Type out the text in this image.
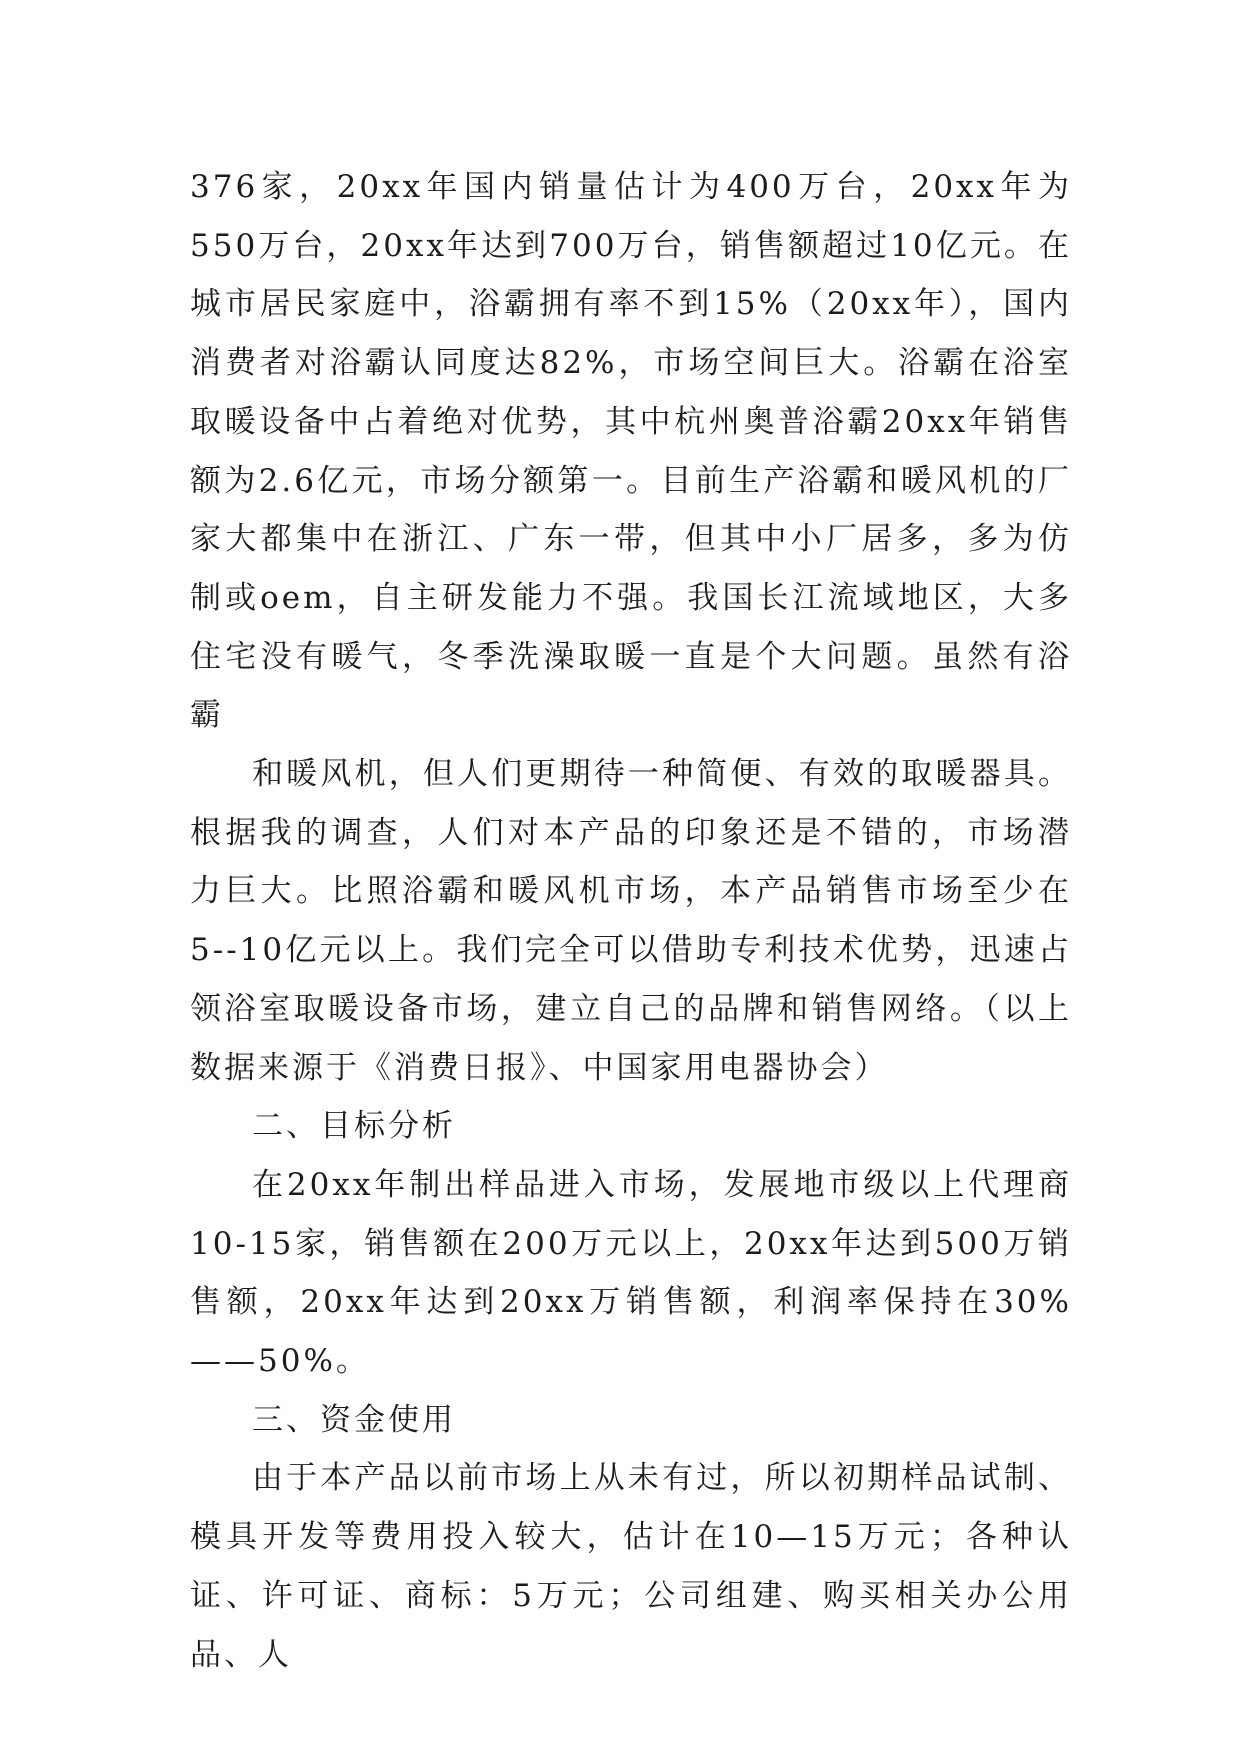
376家，20xx年国内销量估计为400万台，20xx年为550万台，20xx年达到700万台，销售额超过10亿元。在城市居民家庭中，浴霸拥有率不到15%（20xx年），国内消费者对浴霸认同度达82%，市场空间巨大。浴霸在浴室取暖设备中占着绝对优势，其中杭州奥普浴霸20xx年销售额为2.6亿元，市场分额第一。目前生产浴霸和暖风机的厂家大都集中在浙江、广东一带，但其中小厂居多，多为仿制或oem，自主研发能力不强。我国长江流域地区，大多住宅没有暖气，冬季洗澡取暖一直是个大问题。虽然有浴霸

和暖风机，但人们更期待一种简便、有效的取暖器具。根据我的调查，人们对本产品的印象还是不错的，市场潜力巨大。比照浴霸和暖风机市场，本产品销售市场至少在5--10亿元以上。我们完全可以借助专利技术优势，迅速占领浴室取暖设备市场，建立自己的品牌和销售网络。（以上数据来源于《消费日报》、中国家用电器协会）

二、目标分析

在20xx年制出样品进入市场，发展地市级以上代理商10-15家，销售额在200万元以上，20xx年达到500万销售额，20xx年达到20xx万销售额，利润率保持在30%——50%。

三、资金使用

由于本产品以前市场上从未有过，所以初期样品试制、模具开发等费用投入较大，估计在10—15万元；各种认证、许可证、商标：5万元；公司组建、购买相关办公用品、人
